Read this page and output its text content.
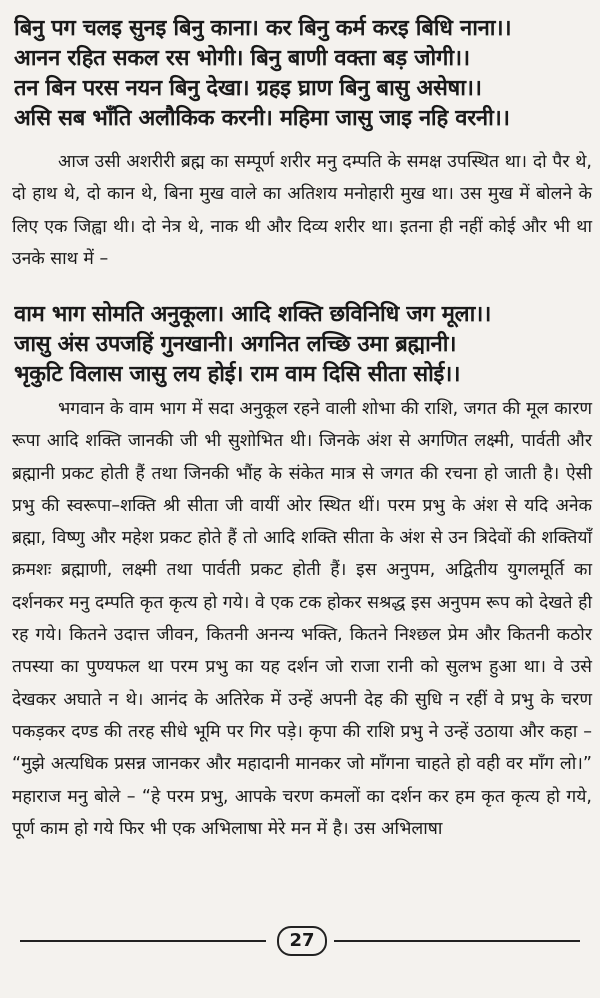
बिनु पग चलइ सुनइ बिनु काना। कर बिनु कर्म करइ बिधि नाना।।
आनन रहित सकल रस भोगी। बिनु बाणी वक्ता बड़ जोगी।।
तन बिन परस नयन बिनु देखा। ग्रहइ घ्राण बिनु बासु असेषा।।
असि सब भाँति अलौकिक करनी। महिमा जासु जाइ नहि वरनी।।
आज उसी अशरीरी ब्रह्म का सम्पूर्ण शरीर मनु दम्पति के समक्ष उपस्थित था। दो पैर थे, दो हाथ थे, दो कान थे, बिना मुख वाले का अतिशय मनोहारी मुख था। उस मुख में बोलने के लिए एक जिह्वा थी। दो नेत्र थे, नाक थी और दिव्य शरीर था। इतना ही नहीं कोई और भी था उनके साथ में –
वाम भाग सोमति अनुकूला। आदि शक्ति छविनिधि जग मूला।।
जासु अंस उपजहिं गुनखानी। अगनित लच्छि उमा ब्रह्मानी।
भृकुटि विलास जासु लय होई। राम वाम दिसि सीता सोई।।
भगवान के वाम भाग में सदा अनुकूल रहने वाली शोभा की राशि, जगत की मूल कारण रूपा आदि शक्ति जानकी जी भी सुशोभित थी। जिनके अंश से अगणित लक्ष्मी, पार्वती और ब्रह्मानी प्रकट होती हैं तथा जिनकी भौंह के संकेत मात्र से जगत की रचना हो जाती है। ऐसी प्रभु की स्वरूपा–शक्ति श्री सीता जी वायीं ओर स्थित थीं। परम प्रभु के अंश से यदि अनेक ब्रह्मा, विष्णु और महेश प्रकट होते हैं तो आदि शक्ति सीता के अंश से उन त्रिदेवों की शक्तियाँ क्रमशः ब्रह्माणी, लक्ष्मी तथा पार्वती प्रकट होती हैं। इस अनुपम, अद्वितीय युगलमूर्ति का दर्शनकर मनु दम्पति कृत कृत्य हो गये। वे एक टक होकर सश्रद्ध इस अनुपम रूप को देखते ही रह गये। कितने उदात्त जीवन, कितनी अनन्य भक्ति, कितने निश्छल प्रेम और कितनी कठोर तपस्या का पुण्यफल था परम प्रभु का यह दर्शन जो राजा रानी को सुलभ हुआ था। वे उसे देखकर अघाते न थे। आनंद के अतिरेक में उन्हें अपनी देह की सुधि न रहीं वे प्रभु के चरण पकड़कर दण्ड की तरह सीधे भूमि पर गिर पड़े। कृपा की राशि प्रभु ने उन्हें उठाया और कहा – “मुझे अत्यधिक प्रसन्न जानकर और महादानी मानकर जो माँगना चाहते हो वही वर माँग लो।” महाराज मनु बोले – “हे परम प्रभु, आपके चरण कमलों का दर्शन कर हम कृत कृत्य हो गये, पूर्ण काम हो गये फिर भी एक अभिलाषा मेरे मन में है। उस अभिलाषा
27
